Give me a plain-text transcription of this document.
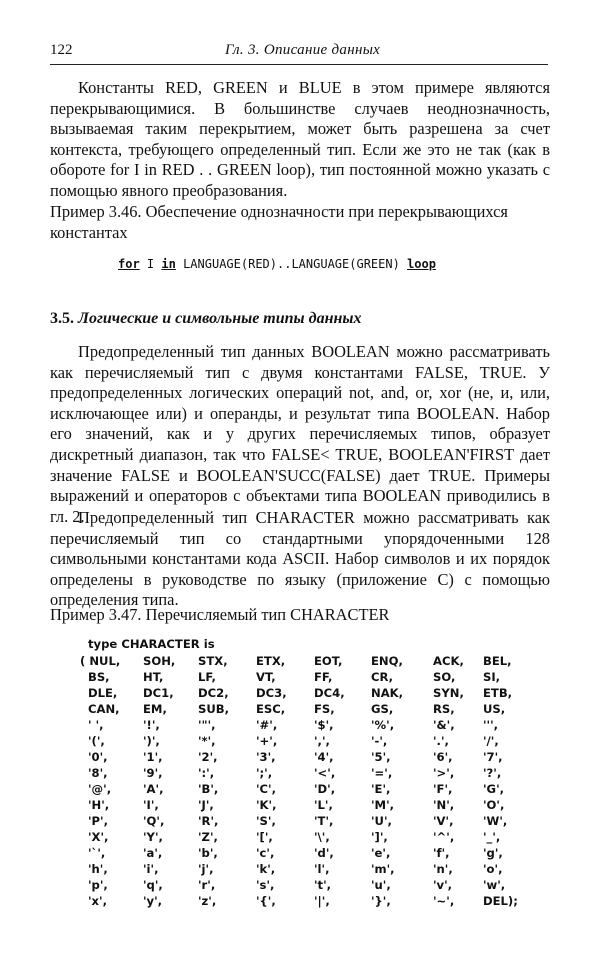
122	Гл. 3. Описание данных

Константы RED, GREEN и BLUE в этом примере являются перекрывающимися. В большинстве случаев неоднозначность, вызываемая таким перекрытием, может быть разрешена за счет контекста, требующего определенный тип. Если же это не так (как в обороте for I in RED . . GREEN loop), тип постоянной можно указать с помощью явного преобразования.

Пример 3.46. Обеспечение однозначности при перекрывающихся константах

for I in LANGUAGE(RED)..LANGUAGE(GREEN) loop
3.5. Логические и символьные типы данных

Предопределенный тип данных BOOLEAN можно рассматривать как перечисляемый тип с двумя константами FALSE, TRUE. У предопределенных логических операций not, and, or, xor (не, и, или, исключающее или) и операнды, и результат типа BOOLEAN. Набор его значений, как и у других перечисляемых типов, образует дискретный диапазон, так что FALSE< TRUE, BOOLEAN'FIRST дает значение FALSE и BOOLEAN'SUCC(FALSE) дает TRUE. Примеры выражений и операторов с объектами типа BOOLEAN приводились в гл. 2.

Предопределенный тип CHARACTER можно рассматривать как перечисляемый тип со стандартными упорядоченными 128 символьными константами кода ASCII. Набор символов и их порядок определены в руководстве по языку (приложение С) с помощью определения типа.

Пример 3.47. Перечисляемый тип CHARACTER

type CHARACTER is
( NUL, SOH, STX, ETX, EOT, ENQ,	ACK, BEL,
BS,	HT,	LF,	VT,	FF,	CR,	SO, SI,
DLE, DC1, DC2, DC3, DC4, NAK,	SYN, ETB,
CAN, EM,	SUB, ESC, FS,	GS,	RS, US,
' ',	'!',	'"',	'#',	'$',	'%',	'&', ''',
'(',	')',	'*',	'+',	',',	'-',	'.',	'/',
'0',	'1',	'2',	'3',	'4',	'5',	'6',	'7',
'8',	'9',	':',	';',	'<',	'=',	'>', '?',
'@',	'A',	'B',	'C',	'D',	'E',	'F',	'G',
'H',	'I',	'J',	'K',	'L',	'M',	'N', 'O',
'P',	'Q',	'R',	'S',	'T',	'U',	'V',	'W',
'X',	'Y',	'Z',	'[',	'\',	']',	'^', '_',
'`',	'a',	'b',	'c',	'd',	'e',	'f',	'g',
'h',	'i',	'j',	'k',	'l',	'm',	'n',	'o',
'p',	'q',	'r',	's',	't',	'u',	'v',	'w',
'x',	'y',	'z',	'{',	'|',	'}',	'~', DEL);
